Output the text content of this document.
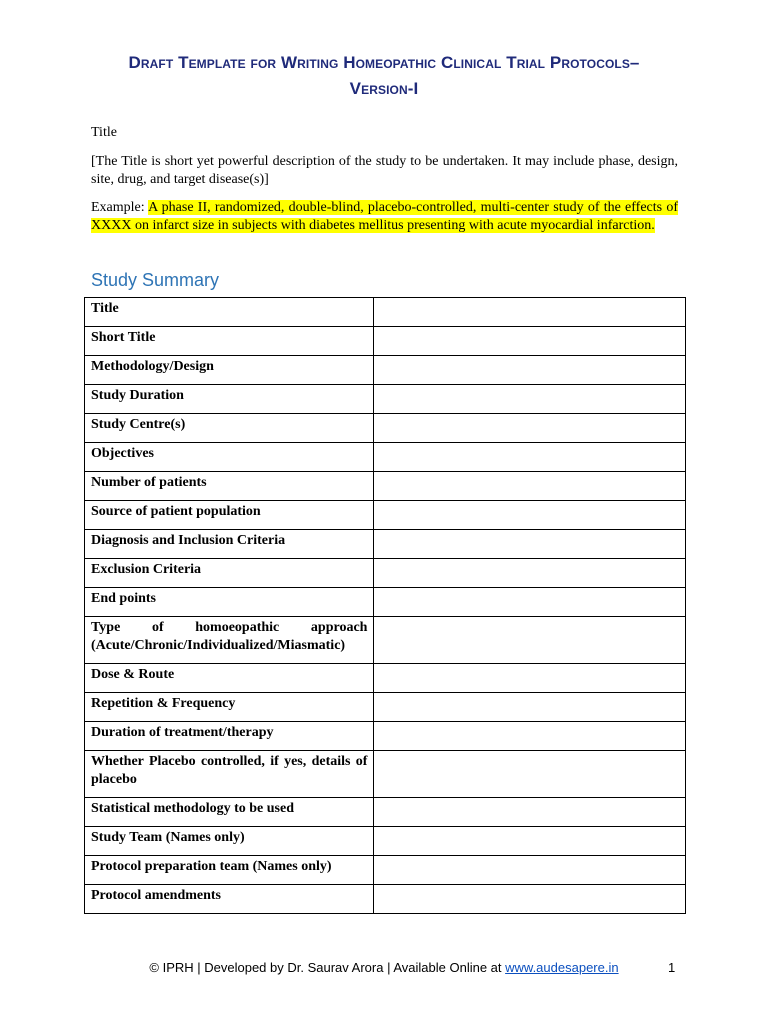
Draft Template for Writing Homeopathic Clinical Trial Protocols–
Version-I
Title
[The Title is short yet powerful description of the study to be undertaken. It may include phase, design, site, drug, and target disease(s)]
Example: A phase II, randomized, double-blind, placebo-controlled, multi-center study of the effects of XXXX on infarct size in subjects with diabetes mellitus presenting with acute myocardial infarction.
Study Summary
Title	
Short Title	
Methodology/Design	
Study Duration	
Study Centre(s)	
Objectives	
Number of patients	
Source of patient population	
Diagnosis and Inclusion Criteria	
Exclusion Criteria	
End points	
Type of homoeopathic approach (Acute/Chronic/Individualized/Miasmatic)	
Dose & Route	
Repetition & Frequency	
Duration of treatment/therapy	
Whether Placebo controlled, if yes, details of placebo	
Statistical methodology to be used	
Study Team (Names only)	
Protocol preparation team (Names only)	
Protocol amendments	
© IPRH | Developed by Dr. Saurav Arora | Available Online at www.audesapere.in	1
